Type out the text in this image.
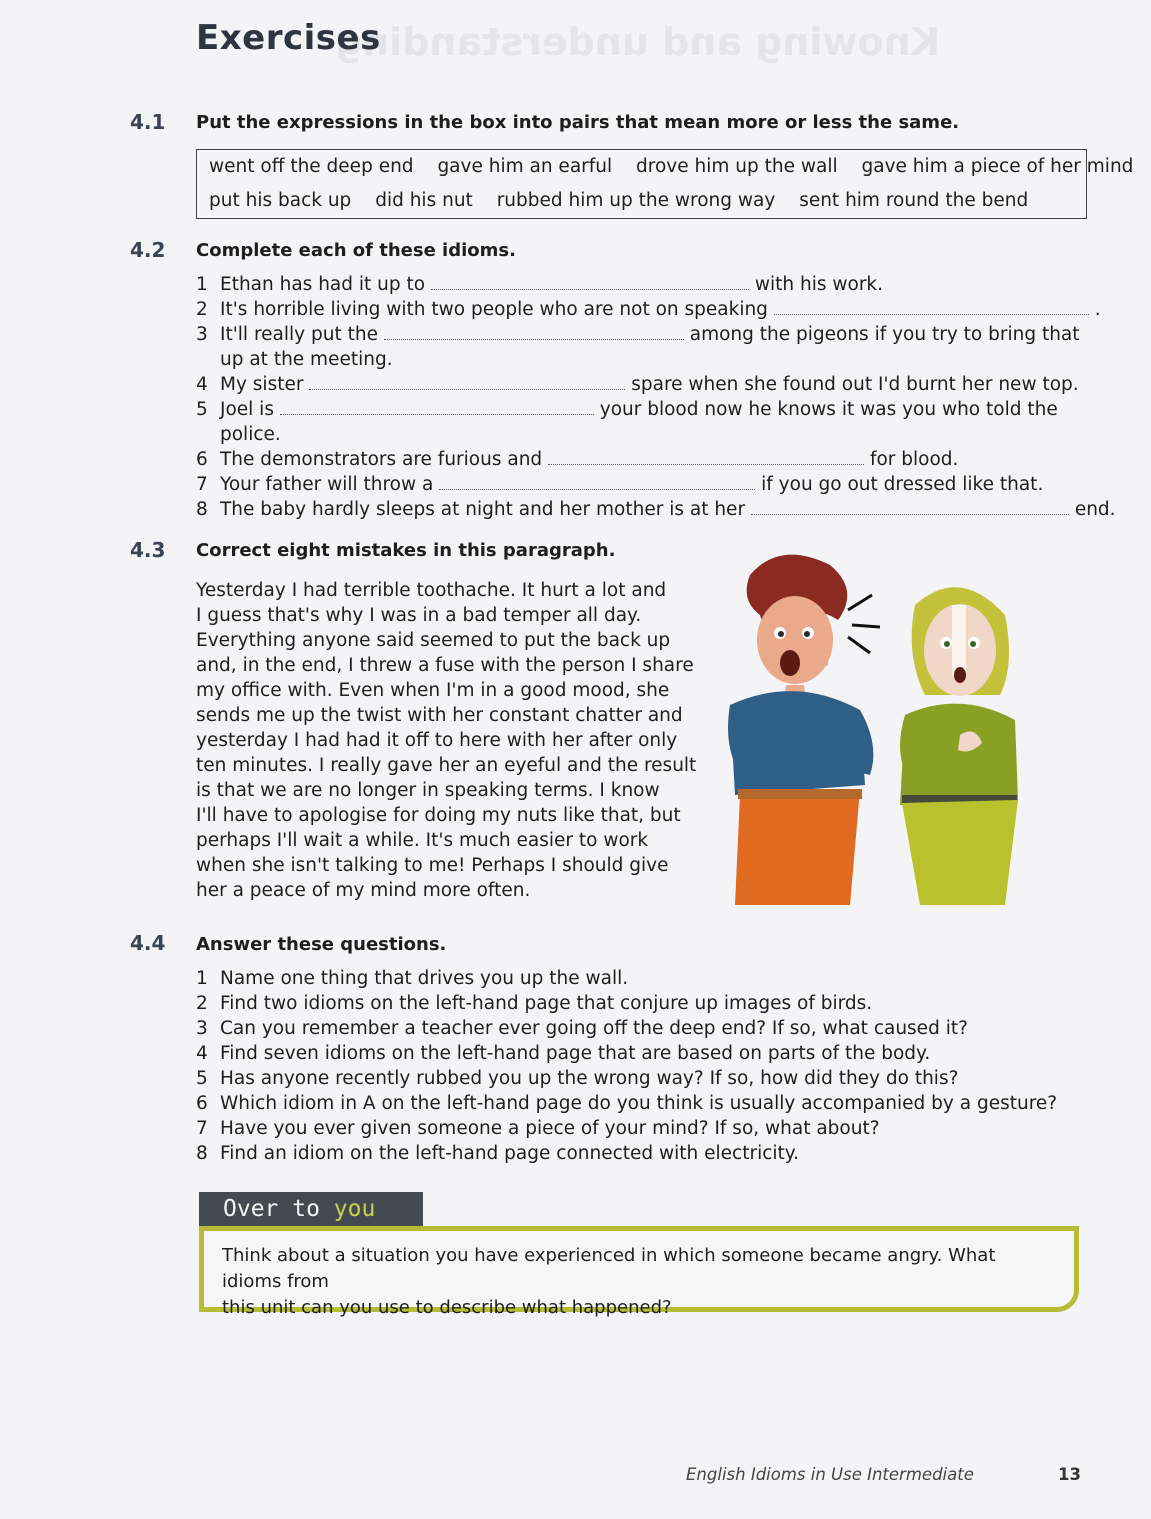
Knowing and understanding
Exercises
4.1 Put the expressions in the box into pairs that mean more or less the same.
went off the deep end gave him an earful drove him up the wall gave him a piece of her mind
put his back up did his nut rubbed him up the wrong way sent him round the bend
4.2 Complete each of these idioms.
1 Ethan has had it up to	with his work.
2 It's horrible living with two people who are not on speaking	.
3 It'll really put the	among the pigeons if you try to bring that
up at the meeting.
4 My sister	spare when she found out I'd burnt her new top.
5 Joel is	your blood now he knows it was you who told the
police.
6 The demonstrators are furious and	for blood.
7 Your father will throw a	if you go out dressed like that.
8 The baby hardly sleeps at night and her mother is at her	end.
4.3 Correct eight mistakes in this paragraph.
Yesterday I had terrible toothache. It hurt a lot and
I guess that's why I was in a bad temper all day.
Everything anyone said seemed to put the back up
and, in the end, I threw a fuse with the person I share
my office with. Even when I'm in a good mood, she
sends me up the twist with her constant chatter and
yesterday I had had it off to here with her after only
ten minutes. I really gave her an eyeful and the result
is that we are no longer in speaking terms. I know
I'll have to apologise for doing my nuts like that, but
perhaps I'll wait a while. It's much easier to work
when she isn't talking to me! Perhaps I should give
her a peace of my mind more often.
4.4 Answer these questions.
1 Name one thing that drives you up the wall.
2 Find two idioms on the left-hand page that conjure up images of birds.
3 Can you remember a teacher ever going off the deep end? If so, what caused it?
4 Find seven idioms on the left-hand page that are based on parts of the body.
5 Has anyone recently rubbed you up the wrong way? If so, how did they do this?
6 Which idiom in A on the left-hand page do you think is usually accompanied by a gesture?
7 Have you ever given someone a piece of your mind? If so, what about?
8 Find an idiom on the left-hand page connected with electricity.
Over to you
Think about a situation you have experienced in which someone became angry. What idioms from
this unit can you use to describe what happened?
English Idioms in Use Intermediate	13
